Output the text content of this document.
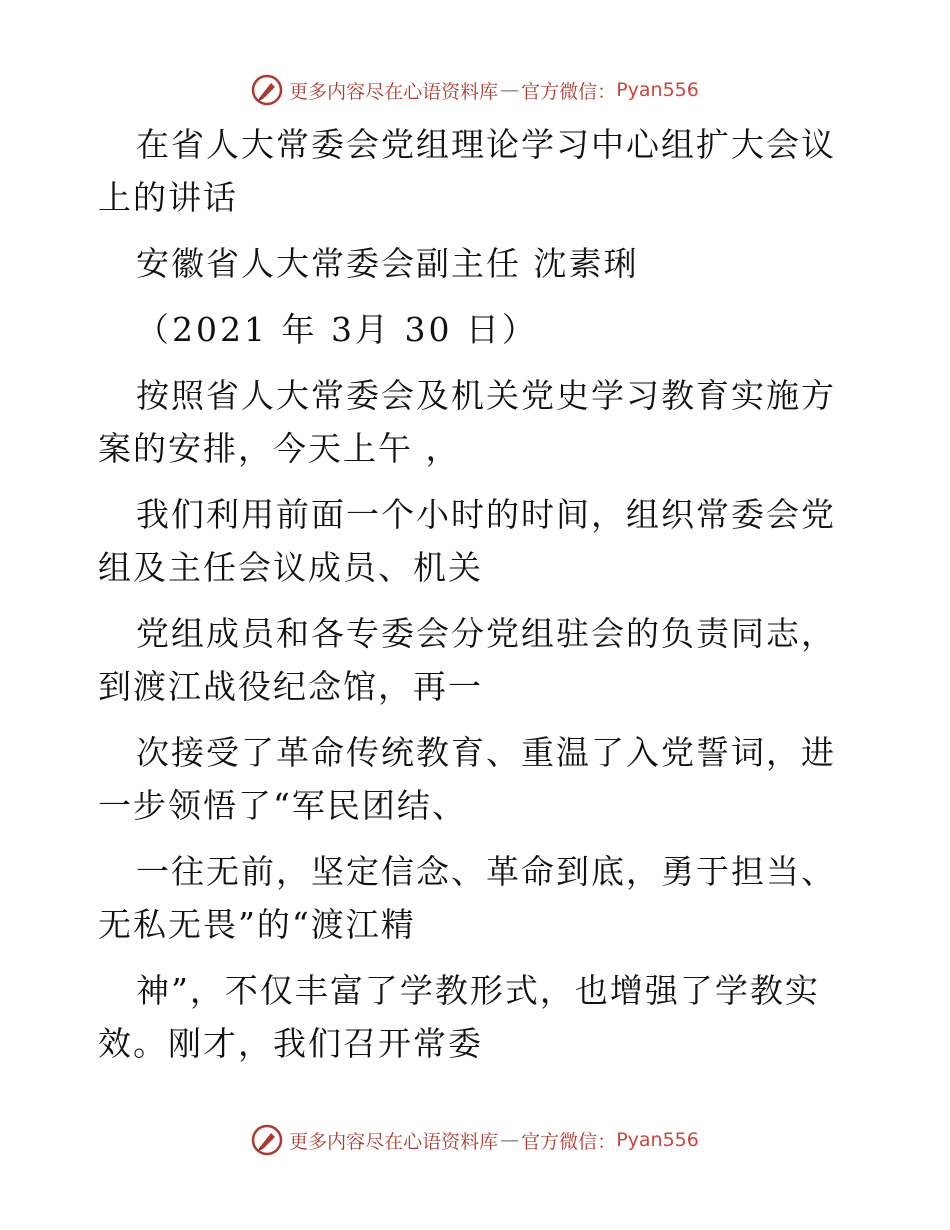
更多内容尽在心语资料库 — 官方微信： Pyan556

在省人大常委会党组理论学习中心组扩大会议上的讲话

安徽省人大常委会副主任 沈素琍

（2021 年 3月 30 日）

按照省人大常委会及机关党史学习教育实施方案的安排，今天上午 ，

我们利用前面一个小时的时间，组织常委会党组及主任会议成员、机关

党组成员和各专委会分党组驻会的负责同志，到渡江战役纪念馆，再一

次接受了革命传统教育、重温了入党誓词，进一步领悟了“军民团结、

一往无前，坚定信念、革命到底，勇于担当、无私无畏”的“渡江精

神”，不仅丰富了学教形式，也增强了学教实效。刚才，我们召开常委

更多内容尽在心语资料库 — 官方微信： Pyan556
